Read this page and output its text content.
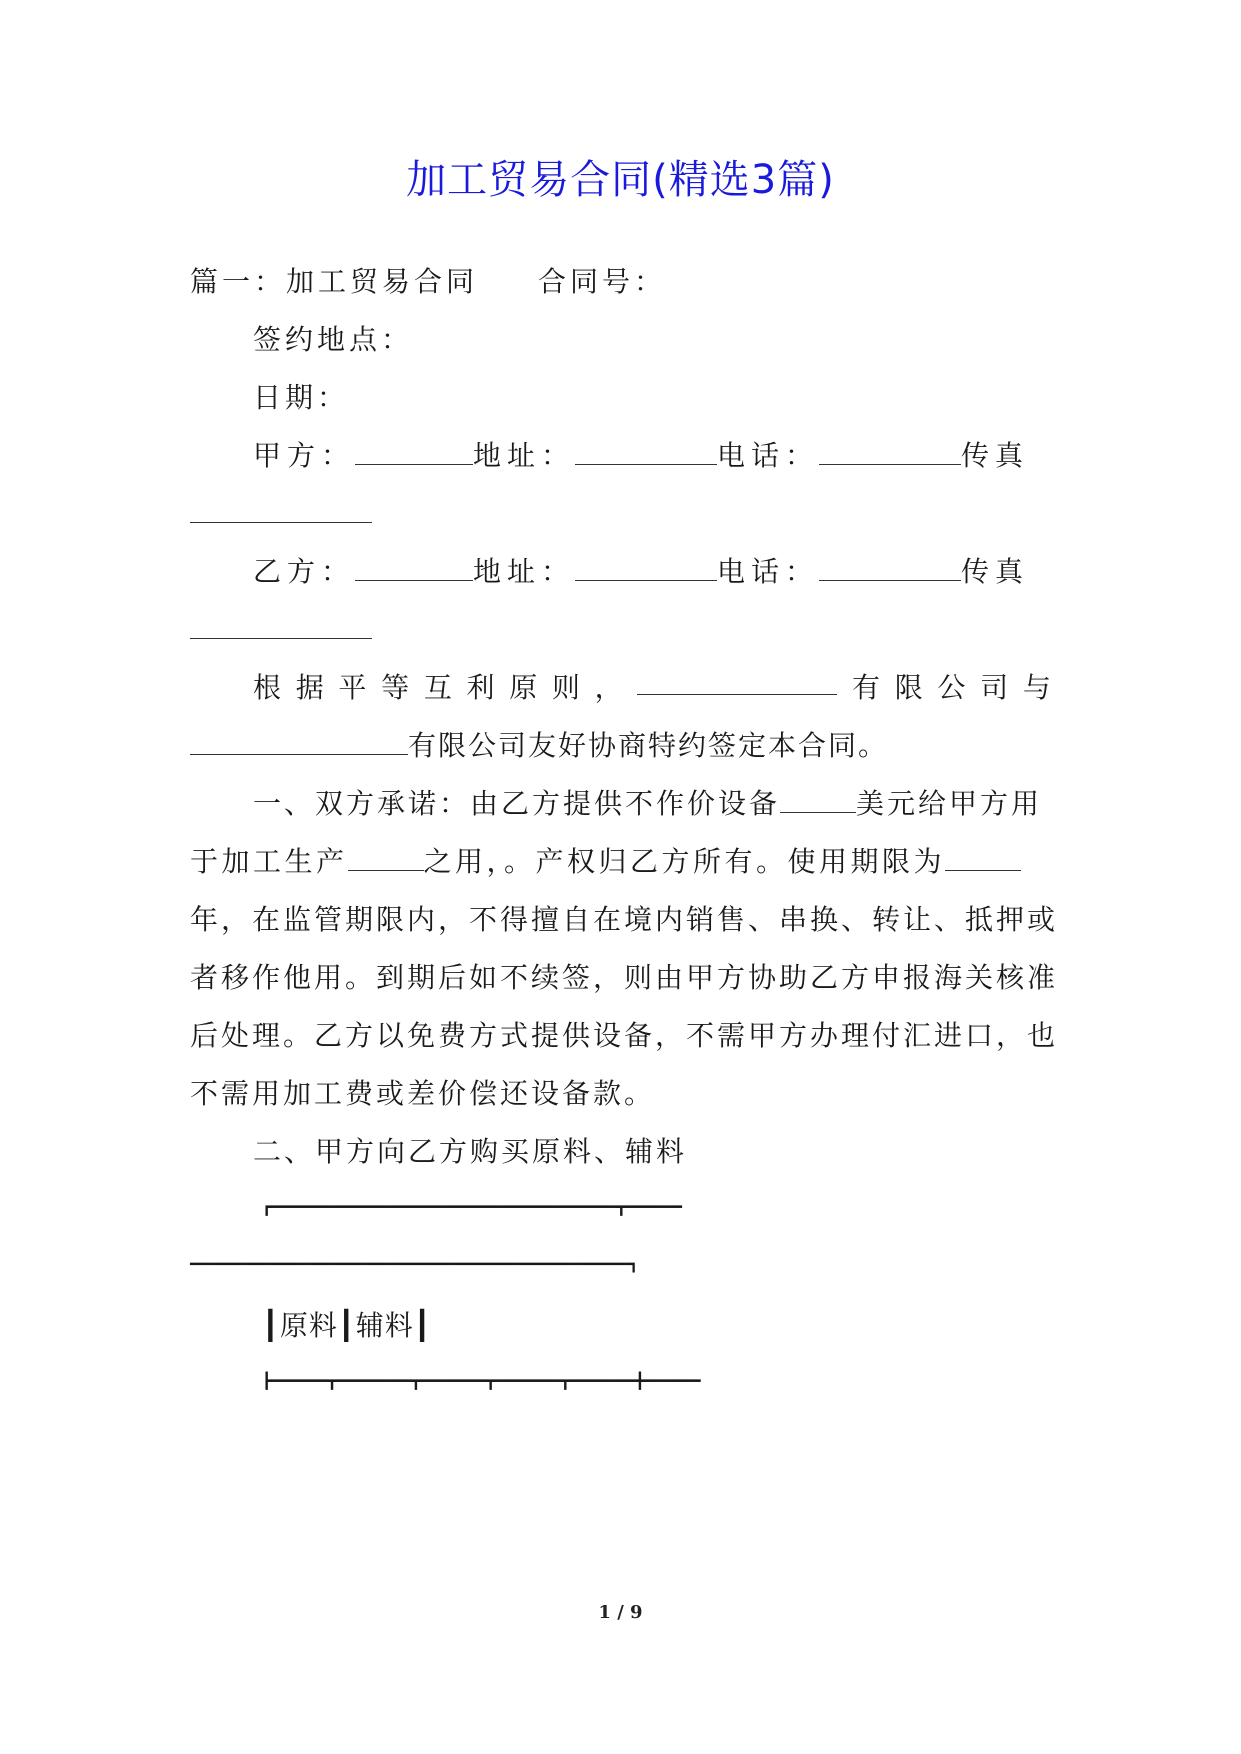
加工贸易合同(精选3篇)
篇一：加工贸易合同 合同号：
签约地点：
日期：
甲方：	地址：	电话：	传真
乙方：	地址：	电话：	传真
根 据 平 等 互 利 原 则 ，	有 限 公 司 与
有限公司友好协商特约签定本合同。
一、双方承诺：由乙方提供不作价设备	美元给甲方用
于加工生产	之用，。产权归乙方所有。使用期限为
年，在监管期限内，不得擅自在境内销售、串换、转让、抵押或
者移作他用。到期后如不续签，则由甲方协助乙方申报海关核准
后处理。乙方以免费方式提供设备，不需甲方办理付汇进口，也
不需用加工费或差价偿还设备款。
二、甲方向乙方购买原料、辅料
┏━━━━━━━━━━━━━━━━━━━━━━━━━━━━━━━━━━━━━┳━━━━━━
━━━━━━━━━━━━━━━━━━━━━━━━━━━━━━━━━━━━━━━━━━━━━━━━━━┓
┃原料┃辅料┃
┣━━━━━━┳━━━━━━━━┳━━━━━━━┳━━━━━━━┳━━━━━━━╋━━━━━━
1 / 9
